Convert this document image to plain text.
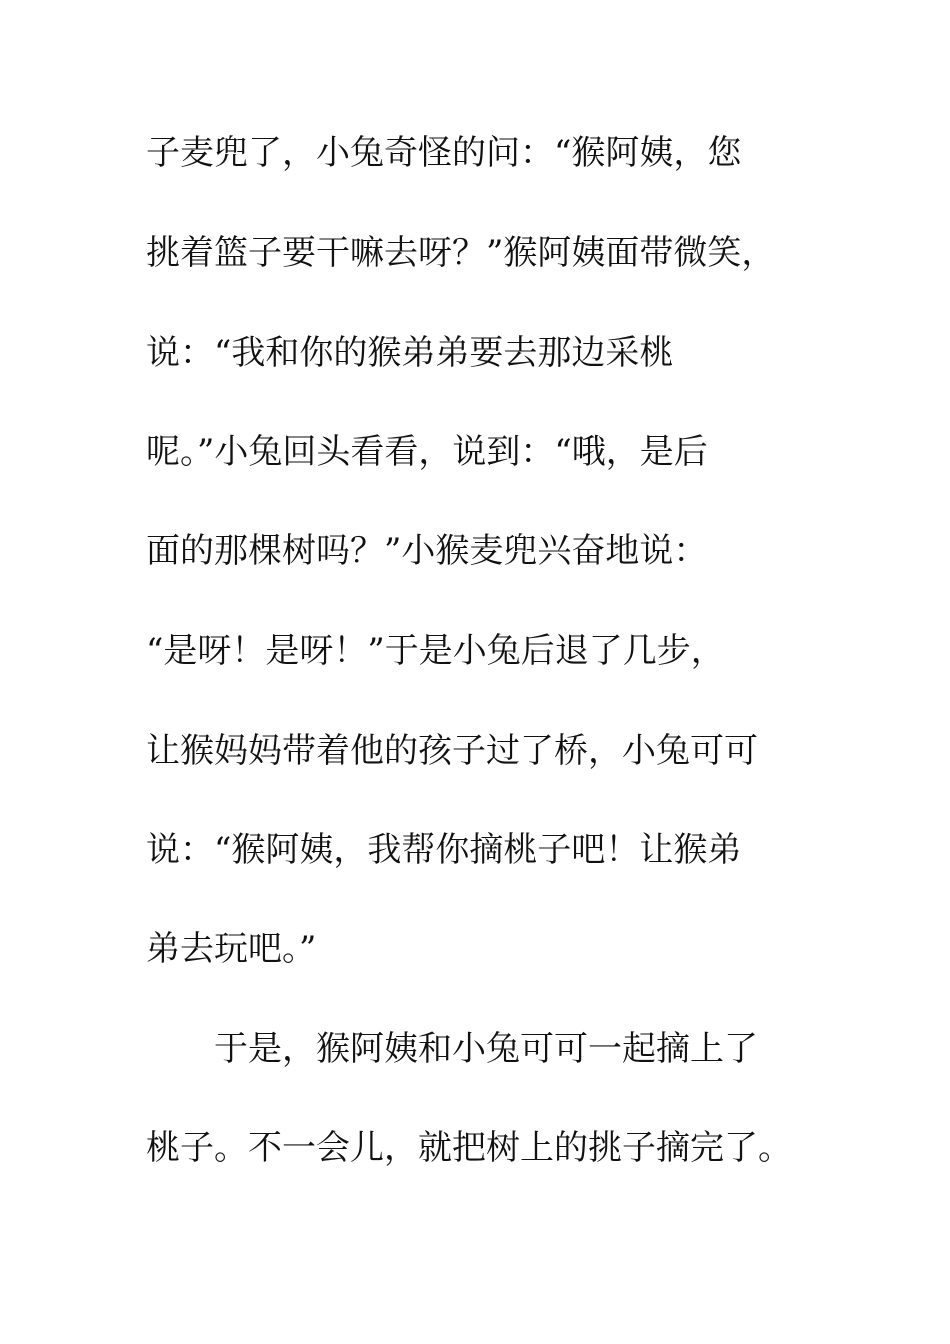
子麦兜了，小兔奇怪的问：“猴阿姨，您
挑着篮子要干嘛去呀？”猴阿姨面带微笑，
说：“我和你的猴弟弟要去那边采桃
呢。”小兔回头看看，说到：“哦，是后
面的那棵树吗？”小猴麦兜兴奋地说：
“是呀！是呀！”于是小兔后退了几步，
让猴妈妈带着他的孩子过了桥，小兔可可
说：“猴阿姨，我帮你摘桃子吧！让猴弟
弟去玩吧。”
于是，猴阿姨和小兔可可一起摘上了
桃子。不一会儿，就把树上的挑子摘完了。
